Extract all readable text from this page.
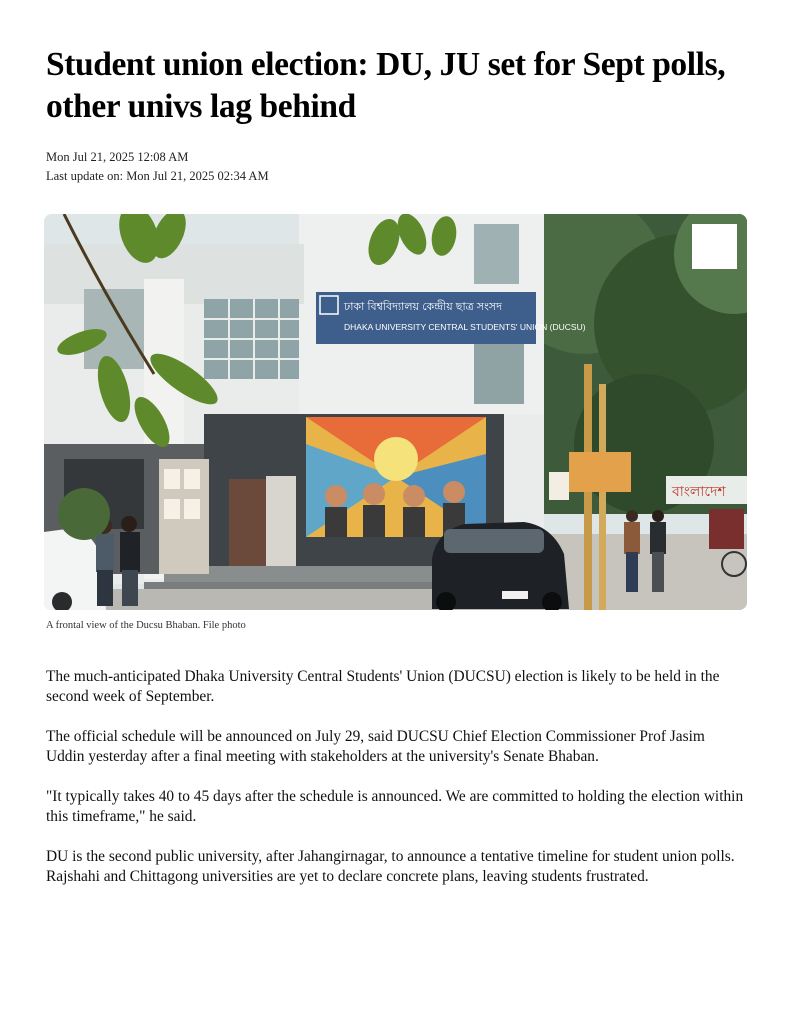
Student union election: DU, JU set for Sept polls, other univs lag behind
Mon Jul 21, 2025 12:08 AM
Last update on: Mon Jul 21, 2025 02:34 AM
ঢাকা বিশ্ববিদ্যালয় কেন্দ্রীয় ছাত্র সংসদ
DHAKA UNIVERSITY CENTRAL STUDENTS' UNION (DUCSU)
বাংলাদেশ
A frontal view of the Ducsu Bhaban. File photo

The much-anticipated Dhaka University Central Students' Union (DUCSU) election is likely to be held in the second week of September.

The official schedule will be announced on July 29, said DUCSU Chief Election Commissioner Prof Jasim Uddin yesterday after a final meeting with stakeholders at the university's Senate Bhaban.

"It typically takes 40 to 45 days after the schedule is announced. We are committed to holding the election within this timeframe," he said.

DU is the second public university, after Jahangirnagar, to announce a tentative timeline for student union polls. Rajshahi and Chittagong universities are yet to declare concrete plans, leaving students frustrated.
